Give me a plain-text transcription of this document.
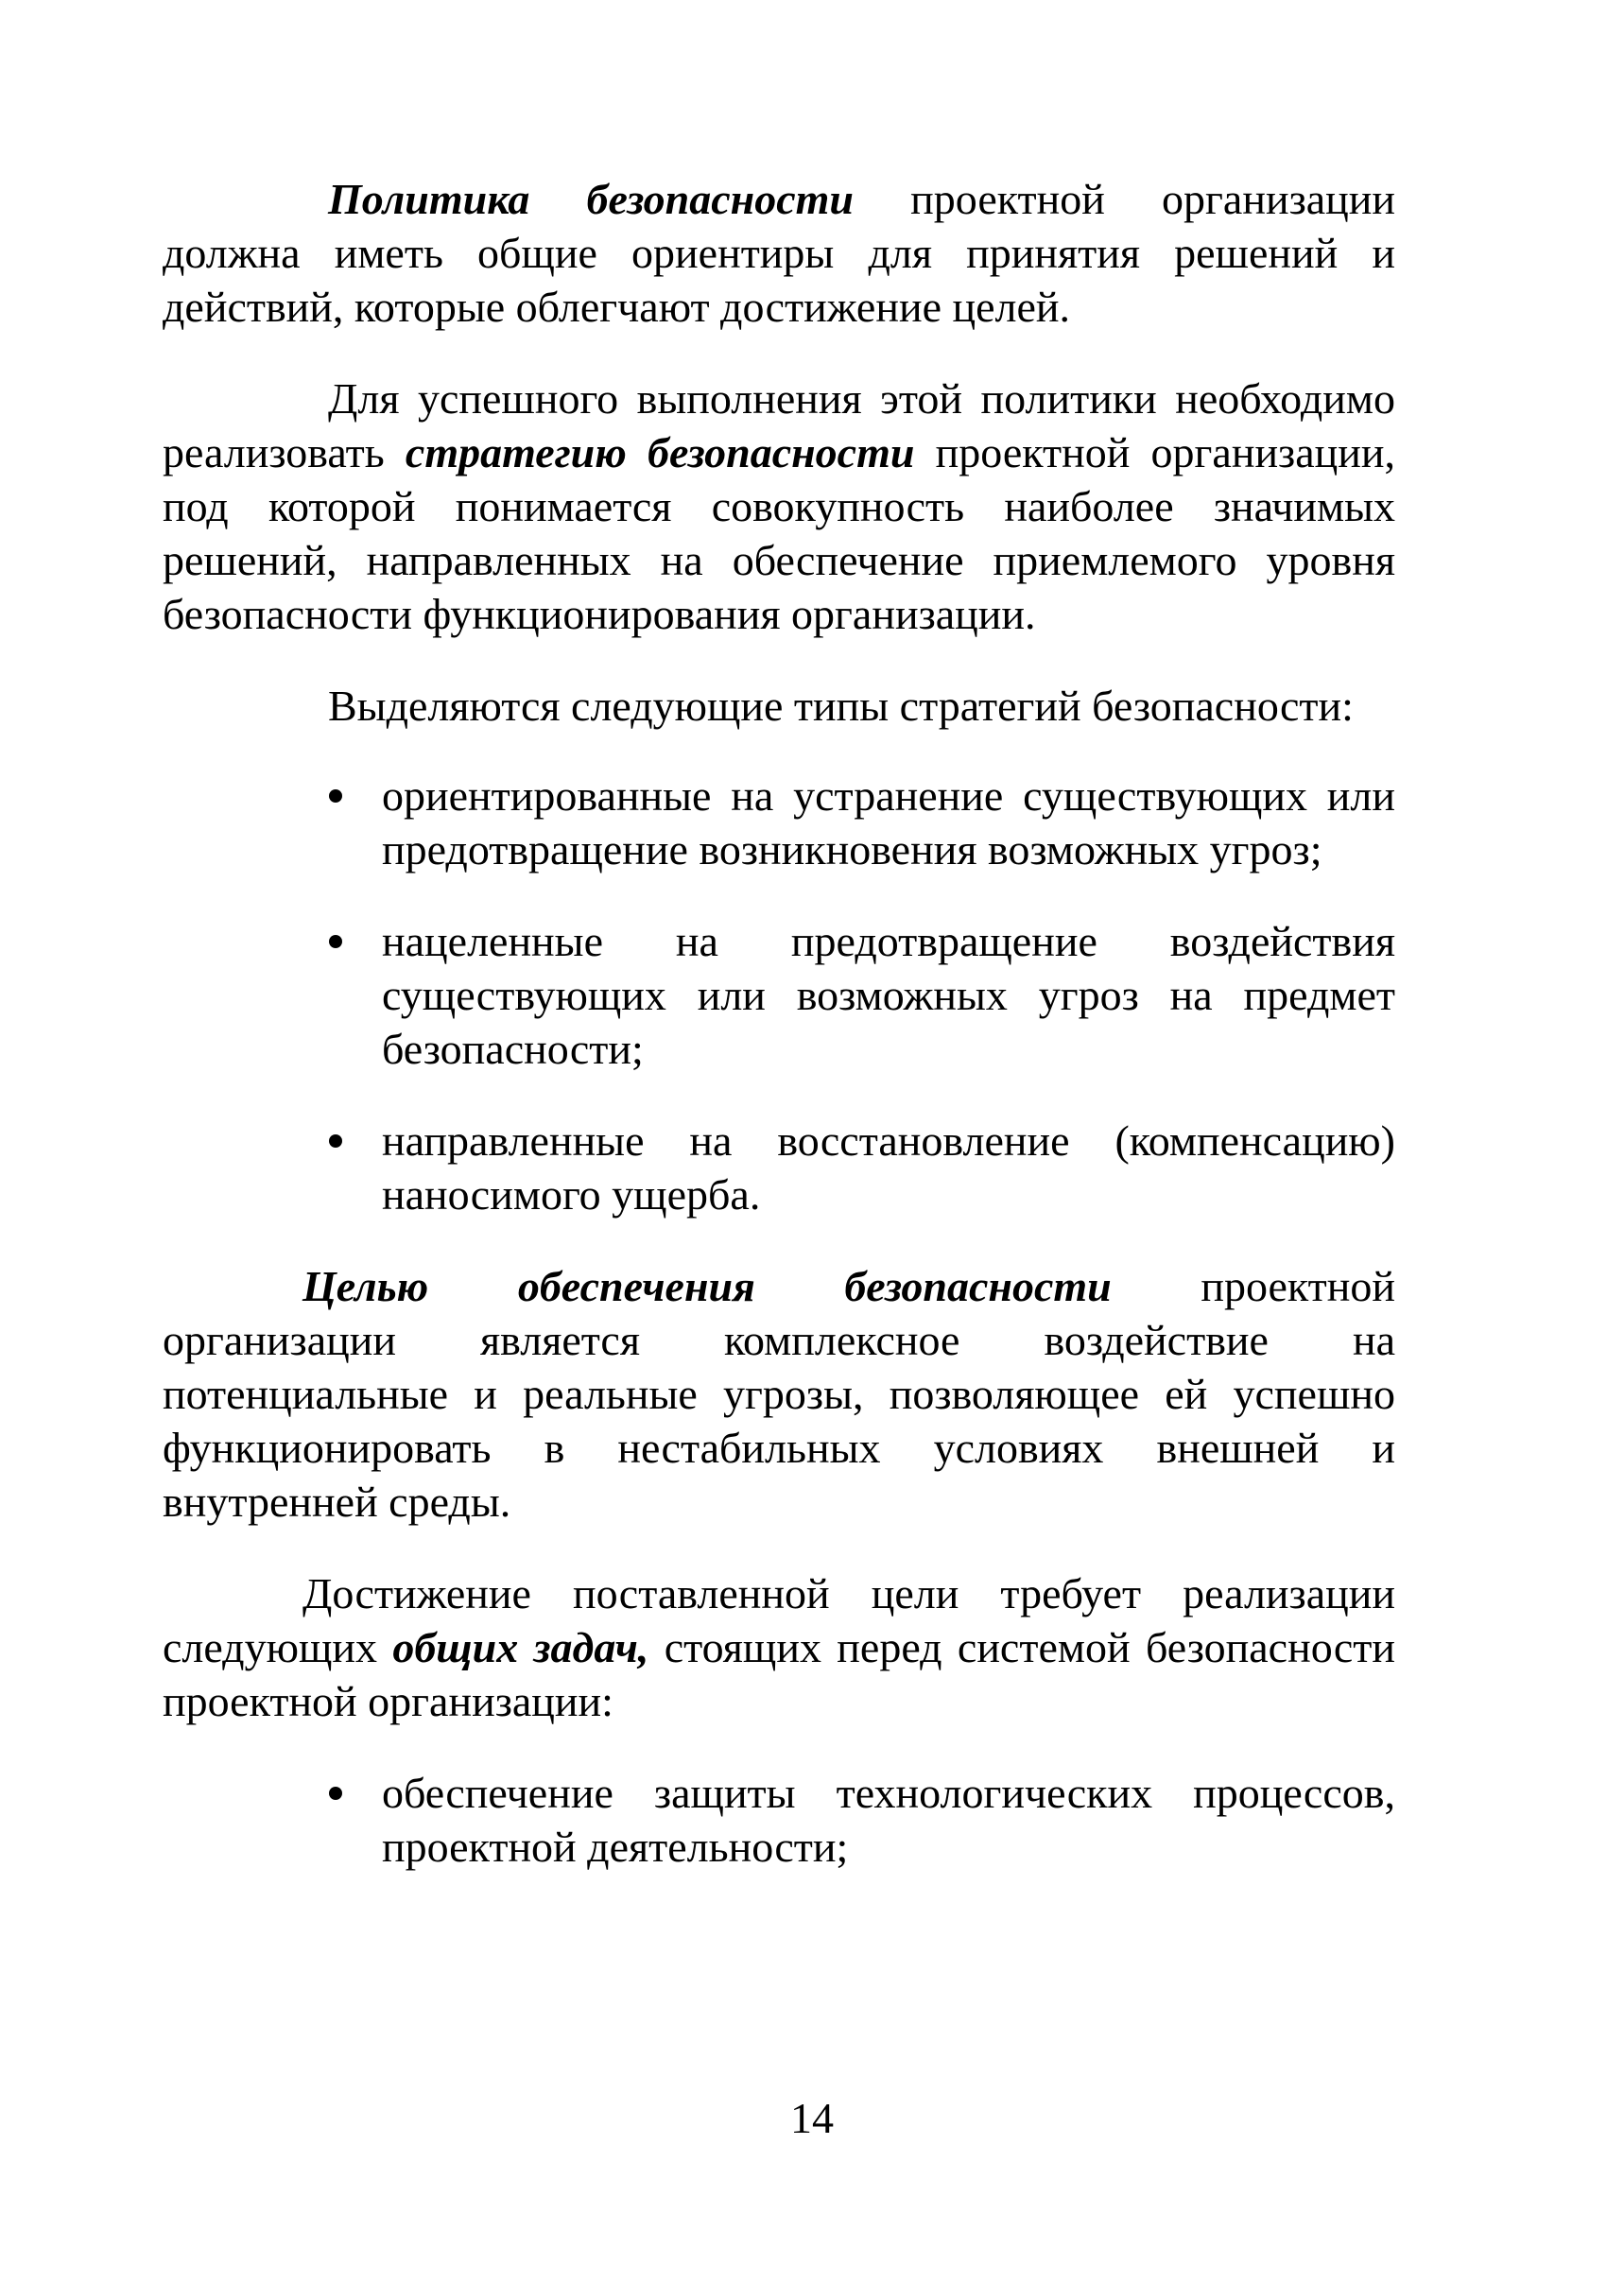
Политика безопасности проектной организации должна иметь общие ориентиры для принятия решений и действий, которые облегчают достижение целей.

Для успешного выполнения этой политики необходимо реализовать стратегию безопасности проектной организации, под которой понимается совокупность наиболее значимых решений, направленных на обеспечение приемлемого уровня безопасности функционирования организации.

Выделяются следующие типы стратегий безопасности:

ориентированные на устранение существующих или предотвращение возникновения возможных угроз;
нацеленные на предотвращение воздействия существующих или возможных угроз на предмет безопасности;
направленные на восстановление (компенсацию) наносимого ущерба.

Целью обеспечения безопасности проектной организации является комплексное воздействие на потенциальные и реальные угрозы, позволяющее ей успешно функционировать в нестабильных условиях внешней и внутренней среды.

Достижение поставленной цели требует реализации следующих общих задач, стоящих перед системой безопасности проектной организации:

обеспечение защиты технологических процессов, проектной деятельности;
14
